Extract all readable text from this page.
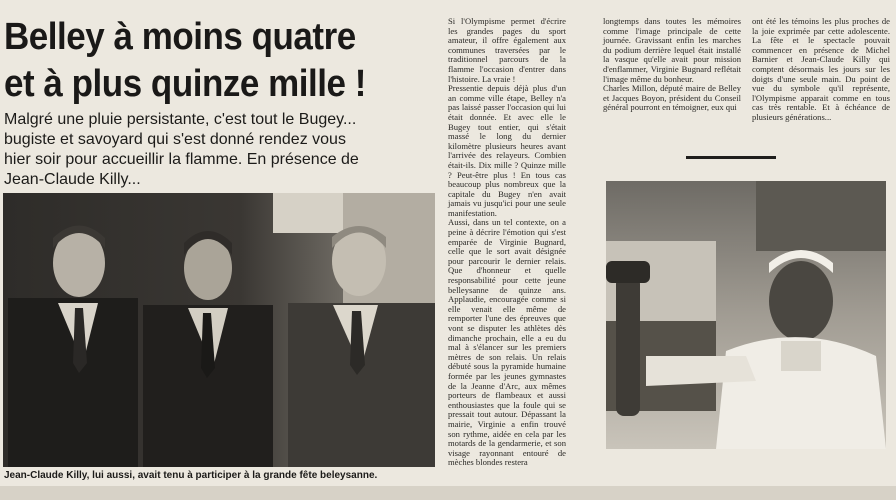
Belley à moins quatre
et à plus quinze mille !

Malgré une pluie persistante, c'est tout le Bugey...
bugiste et savoyard qui s'est donné rendez vous
hier soir pour accueillir la flamme. En présence de
Jean-Claude Killy...

Jean-Claude Killy, lui aussi, avait tenu à participer à la grande fête beleysanne.

Si l'Olympisme permet d'écrire les grandes pages du sport amateur, il offre également aux communes traversées par le traditionnel parcours de la flamme l'occasion d'entrer dans l'histoire. La vraie !
Pressentie depuis déjà plus d'un an comme ville étape, Belley n'a pas laissé passer l'occasion qui lui était donnée. Et avec elle le Bugey tout entier, qui s'était massé le long du dernier kilomètre plusieurs heures avant l'arrivée des relayeurs. Combien était-ils. Dix mille ? Quinze mille ? Peut-être plus ! En tous cas beaucoup plus nombreux que la capitale du Bugey n'en avait jamais vu jusqu'ici pour une seule manifestation.
Aussi, dans un tel contexte, on a peine à décrire l'émotion qui s'est emparée de Virginie Bugnard, celle que le sort avait désignée pour parcourir le dernier relais. Que d'honneur et quelle responsabilité pour cette jeune belleysanne de quinze ans. Applaudie, encouragée comme si elle venait elle même de remporter l'une des épreuves que vont se disputer les athlètes dès dimanche prochain, elle a eu du mal à s'élancer sur les premiers mètres de son relais. Un relais débuté sous la pyramide humaine formée par les jeunes gymnastes de la Jeanne d'Arc, aux mêmes porteurs de flambeaux et aussi enthousiastes que la foule qui se pressait tout autour. Dépassant la mairie, Virginie a enfin trouvé son rythme, aidée en cela par les motards de la gendarmerie, et son visage rayonnant entouré de mèches blondes restera

longtemps dans toutes les mémoires comme l'image principale de cette journée. Gravissant enfin les marches du podium derrière lequel était installé la vasque qu'elle avait pour mission d'enflammer, Virginie Bugnard reflétait l'image même du bonheur.
Charles Millon, député maire de Belley et Jacques Boyon, président du Conseil général pourront en témoigner, eux qui

ont été les témoins les plus proches de la joie exprimée par cette adolescente. La fête et le spectacle pouvait commencer en présence de Michel Barnier et Jean-Claude Killy qui comptent désormais les jours sur les doigts d'une seule main. Du point de vue du symbole qu'il représente, l'Olympisme apparait comme en tous cas très rentable. Et à échéance de plusieurs générations...
